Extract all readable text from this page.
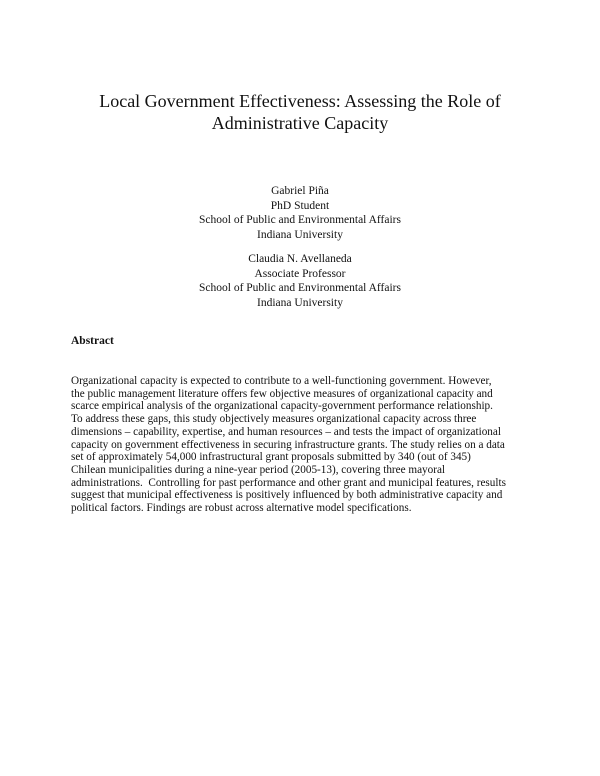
Local Government Effectiveness: Assessing the Role of
Administrative Capacity
Gabriel Piña
PhD Student
School of Public and Environmental Affairs
Indiana University
Claudia N. Avellaneda
Associate Professor
School of Public and Environmental Affairs
Indiana University
Abstract
Organizational capacity is expected to contribute to a well-functioning government. However,
the public management literature offers few objective measures of organizational capacity and
scarce empirical analysis of the organizational capacity-government performance relationship.
To address these gaps, this study objectively measures organizational capacity across three
dimensions – capability, expertise, and human resources – and tests the impact of organizational
capacity on government effectiveness in securing infrastructure grants. The study relies on a data
set of approximately 54,000 infrastructural grant proposals submitted by 340 (out of 345)
Chilean municipalities during a nine-year period (2005-13), covering three mayoral
administrations.  Controlling for past performance and other grant and municipal features, results
suggest that municipal effectiveness is positively influenced by both administrative capacity and
political factors. Findings are robust across alternative model specifications.
